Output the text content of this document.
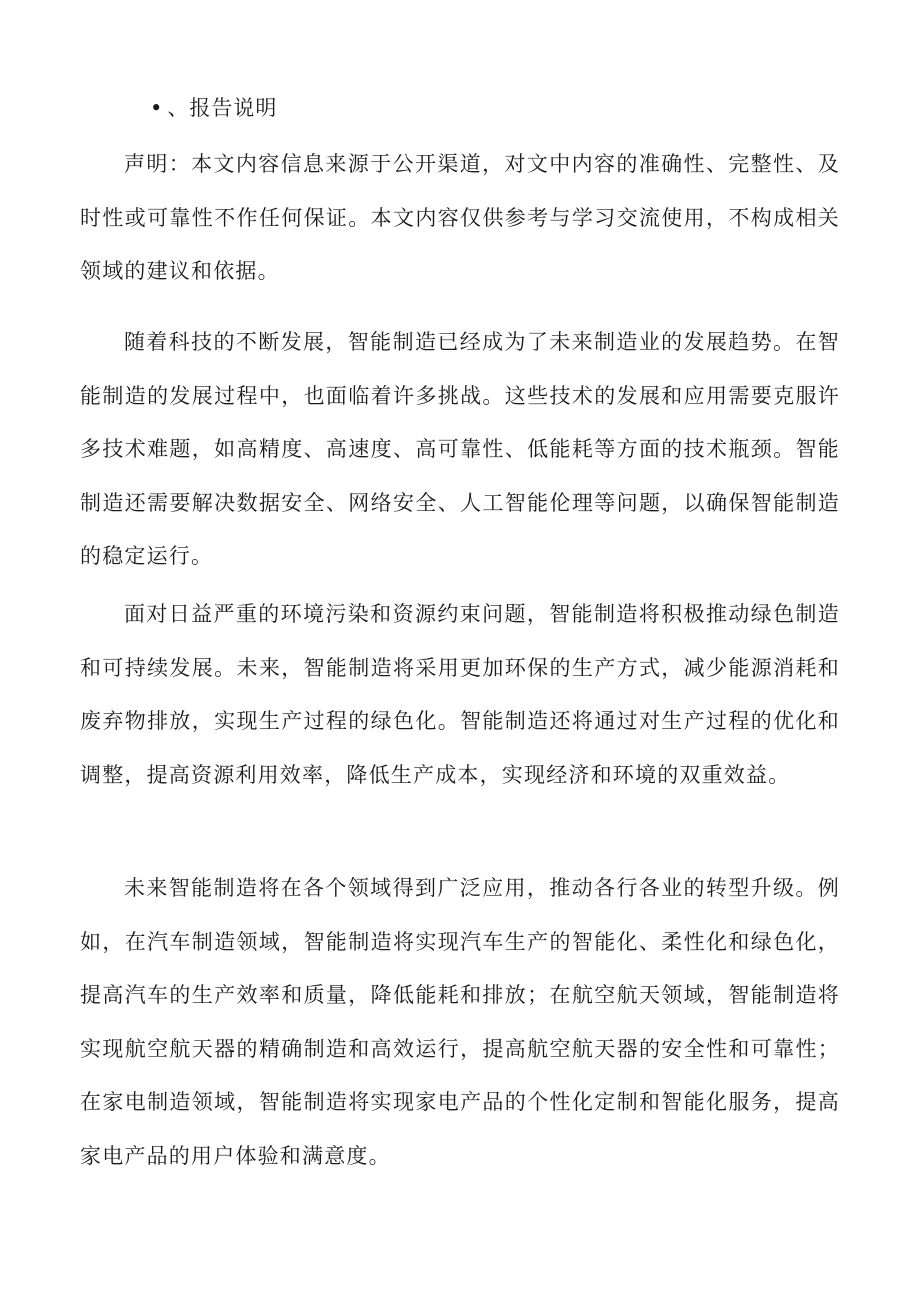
• 、报告说明

声明：本文内容信息来源于公开渠道，对文中内容的准确性、完整性、及时性或可靠性不作任何保证。本文内容仅供参考与学习交流使用，不构成相关领域的建议和依据。

随着科技的不断发展，智能制造已经成为了未来制造业的发展趋势。在智能制造的发展过程中，也面临着许多挑战。这些技术的发展和应用需要克服许多技术难题，如高精度、高速度、高可靠性、低能耗等方面的技术瓶颈。智能制造还需要解决数据安全、网络安全、人工智能伦理等问题，以确保智能制造的稳定运行。

面对日益严重的环境污染和资源约束问题，智能制造将积极推动绿色制造和可持续发展。未来，智能制造将采用更加环保的生产方式，减少能源消耗和废弃物排放，实现生产过程的绿色化。智能制造还将通过对生产过程的优化和调整，提高资源利用效率，降低生产成本，实现经济和环境的双重效益。

未来智能制造将在各个领域得到广泛应用，推动各行各业的转型升级。例如，在汽车制造领域，智能制造将实现汽车生产的智能化、柔性化和绿色化，提高汽车的生产效率和质量，降低能耗和排放；在航空航天领域，智能制造将实现航空航天器的精确制造和高效运行，提高航空航天器的安全性和可靠性；在家电制造领域，智能制造将实现家电产品的个性化定制和智能化服务，提高家电产品的用户体验和满意度。
